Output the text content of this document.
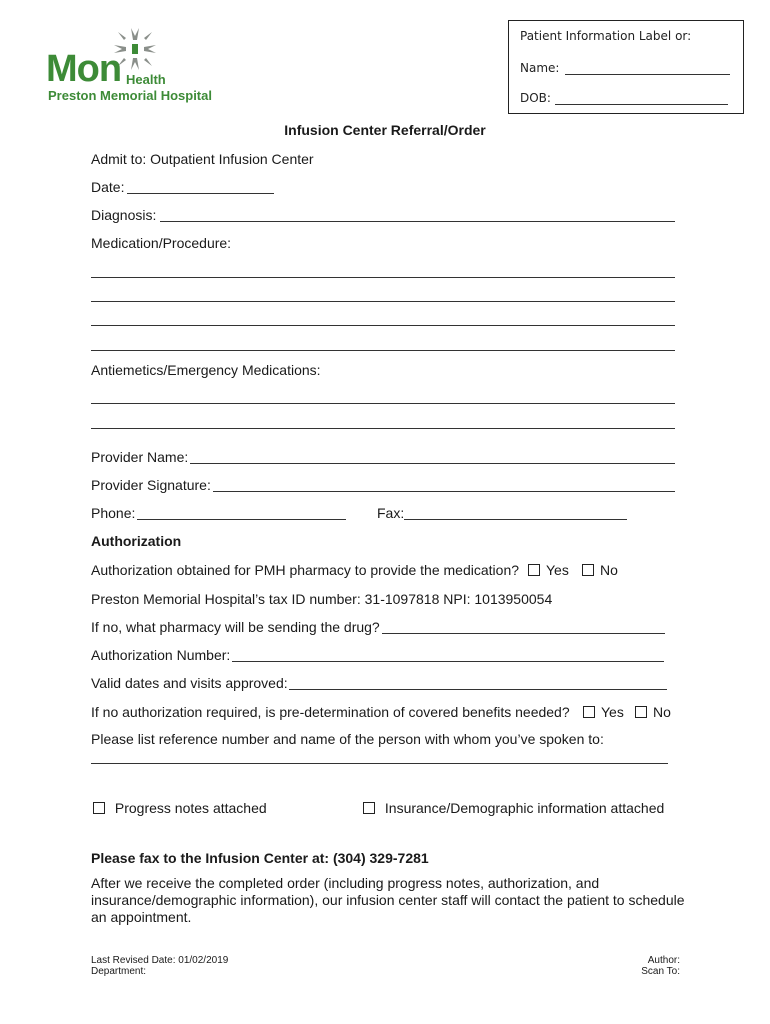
Mon Health
Preston Memorial Hospital
Patient Information Label or:
Name:
DOB:
Infusion Center Referral/Order
Admit to: Outpatient Infusion Center
Date:
Diagnosis:
Medication/Procedure:
Antiemetics/Emergency Medications:
Provider Name:
Provider Signature:
Phone:	Fax:
Authorization
Authorization obtained for PMH pharmacy to provide the medication?	Yes	No
Preston Memorial Hospital’s tax ID number: 31-1097818 NPI: 1013950054
If no, what pharmacy will be sending the drug?
Authorization Number:
Valid dates and visits approved:
If no authorization required, is pre-determination of covered benefits needed?	Yes	No
Please list reference number and name of the person with whom you’ve spoken to:
Progress notes attached	Insurance/Demographic information attached
Please fax to the Infusion Center at: (304) 329-7281
After we receive the completed order (including progress notes, authorization, and insurance/demographic information), our infusion center staff will contact the patient to schedule an appointment.
Last Revised Date: 01/02/2019
Department:
Author:
Scan To:
